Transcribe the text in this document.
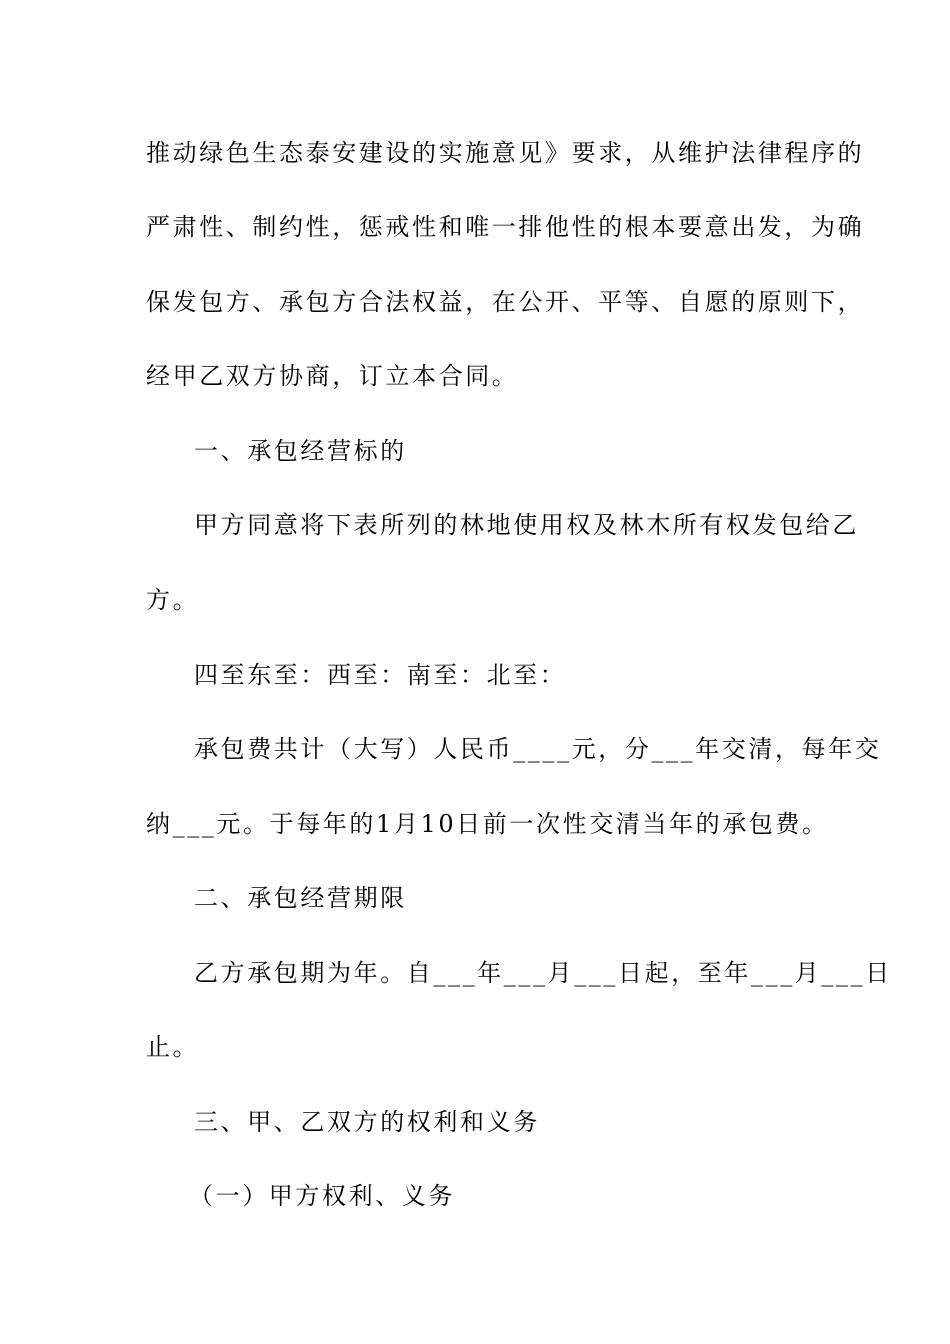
推动绿色生态泰安建设的实施意见》要求，从维护法律程序的
严肃性、制约性，惩戒性和唯一排他性的根本要意出发，为确
保发包方、承包方合法权益，在公开、平等、自愿的原则下，
经甲乙双方协商，订立本合同。
一、承包经营标的
甲方同意将下表所列的林地使用权及林木所有权发包给乙
方。
四至东至：西至：南至：北至：
承包费共计（大写）人民币____元，分___年交清，每年交
纳___元。于每年的1月10日前一次性交清当年的承包费。
二、承包经营期限
乙方承包期为年。自___年___月___日起，至年___月___日
止。
三、甲、乙双方的权利和义务
（一）甲方权利、义务
